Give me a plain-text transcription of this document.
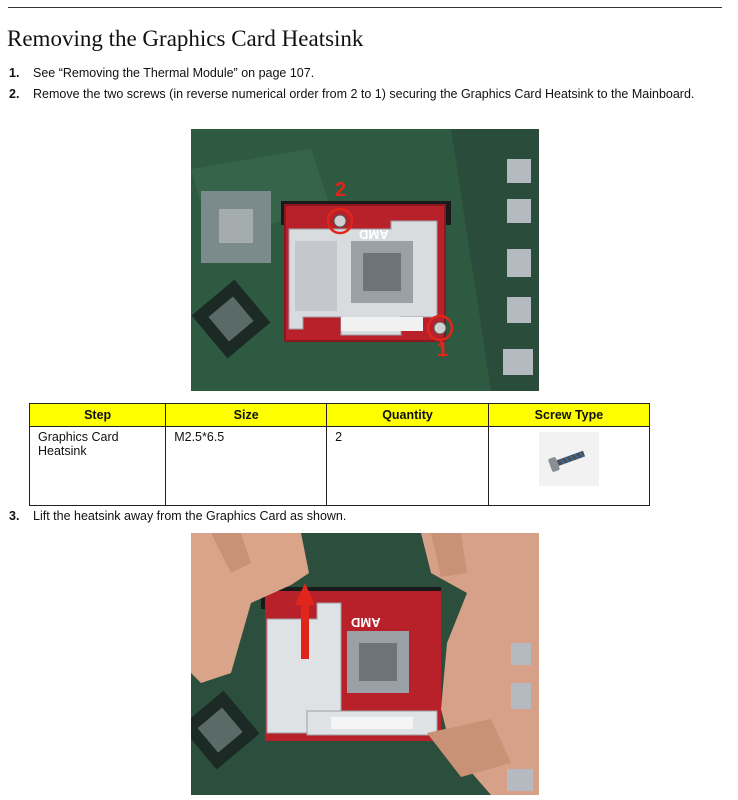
Removing the Graphics Card Heatsink
1. See “Removing the Thermal Module” on page 107.
2. Remove the two screws (in reverse numerical order from 2 to 1) securing the Graphics Card Heatsink to the Mainboard.
2
1
AMD
Step	Size	Quantity	Screw Type
Graphics Card Heatsink	M2.5*6.5	2	
3. Lift the heatsink away from the Graphics Card as shown.
AMD
